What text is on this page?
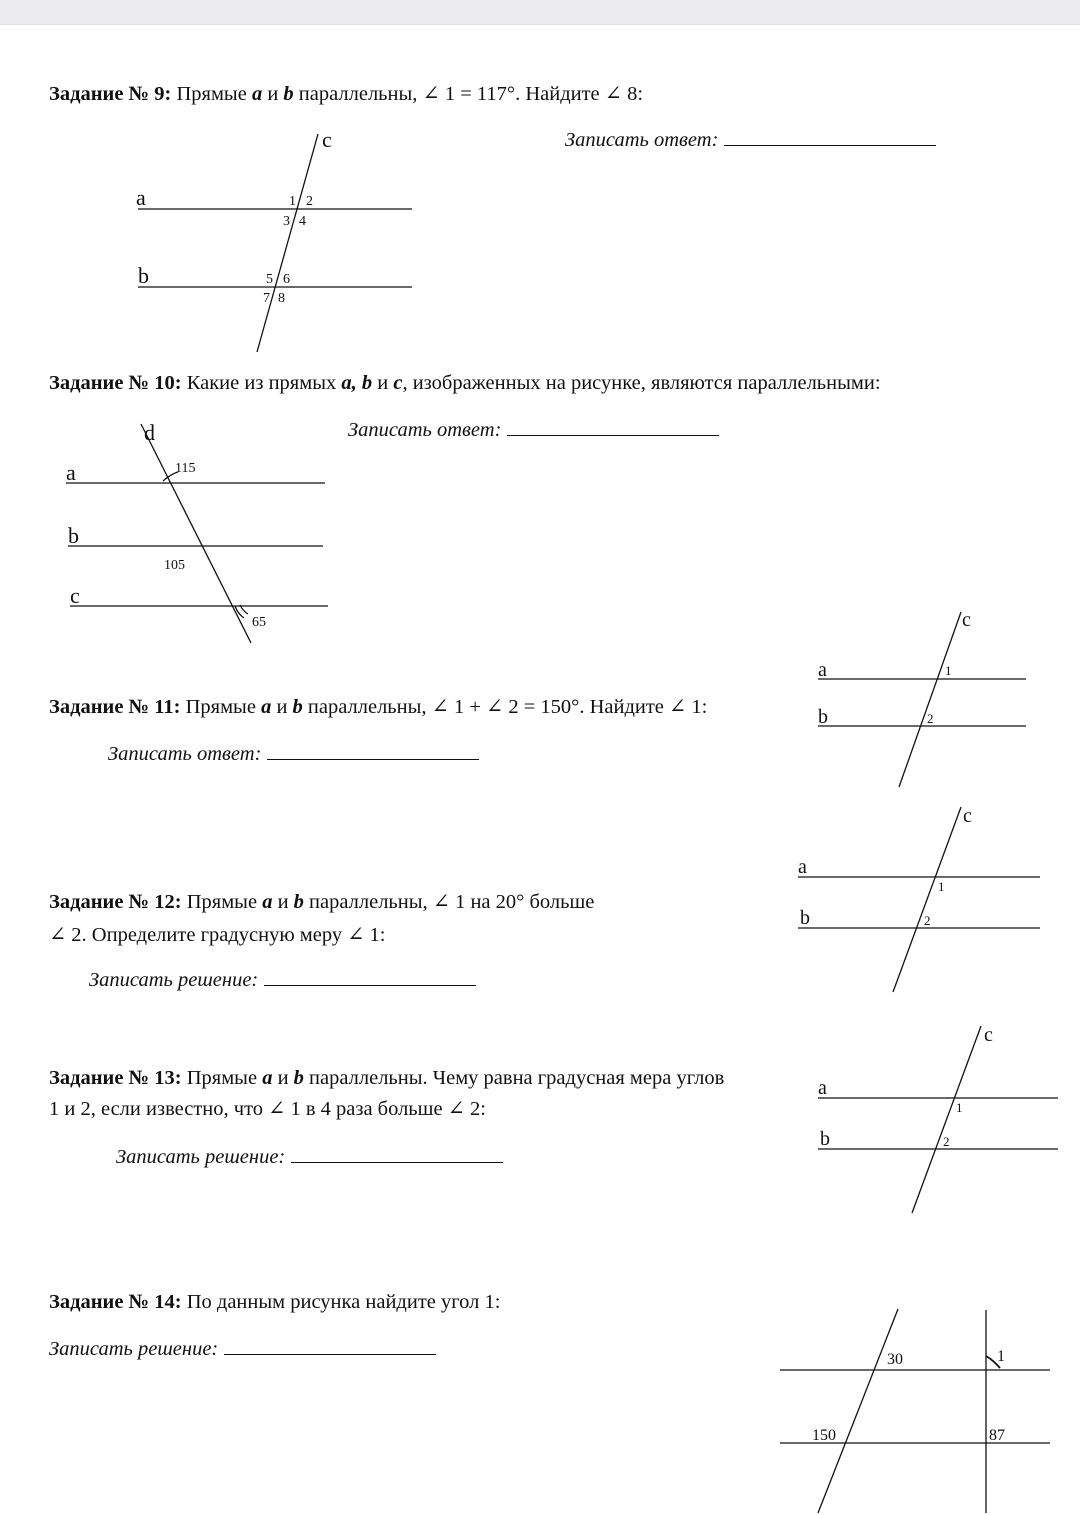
Задание № 9: Прямые a и b параллельны, ∠ 1 = 117°. Найдите ∠ 8:
Записать ответ:
Задание № 10: Какие из прямых a, b и c, изображенных на рисунке, являются параллельными:
Записать ответ:
Задание № 11: Прямые a и b параллельны, ∠ 1 + ∠ 2 = 150°. Найдите ∠ 1:
Записать ответ:
Задание № 12: Прямые a и b параллельны, ∠ 1 на 20° больше
∠ 2. Определите градусную меру ∠ 1:
Записать решение:
Задание № 13: Прямые a и b параллельны. Чему равна градусная мера углов
1 и 2, если известно, что ∠ 1 в 4 раза больше ∠ 2:
Записать решение:
Задание № 14: По данным рисунка найдите угол 1:
Записать решение:
a
b
c
1 2
3 4
5 6
7 8
d
a
b
c
115
105
65	c
a
b
1
2
c
a
b
1
2
c
a
b
1
2
30	1
150	87
